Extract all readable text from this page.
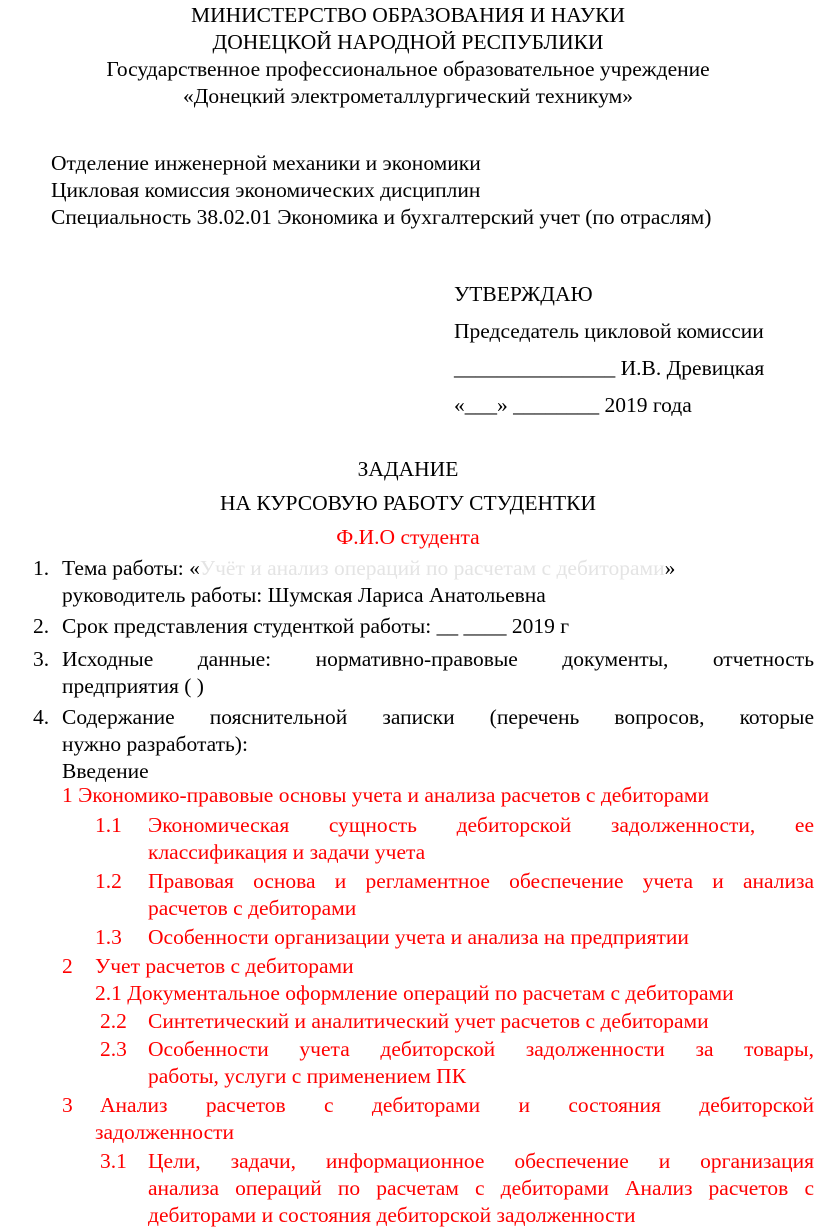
МИНИСТЕРСТВО ОБРАЗОВАНИЯ И НАУКИ
ДОНЕЦКОЙ НАРОДНОЙ РЕСПУБЛИКИ
Государственное профессиональное образовательное учреждение
«Донецкий электрометаллургический техникум»
Отделение инженерной механики и экономики
Цикловая комиссия экономических дисциплин
Специальность 38.02.01 Экономика и бухгалтерский учет (по отраслям)
УТВЕРЖДАЮ
Председатель цикловой комиссии
_______________ И.В. Древицкая
«___» ________ 2019 года
ЗАДАНИЕ
НА КУРСОВУЮ РАБОТУ СТУДЕНТКИ
Ф.И.О студента
1. Тема работы: «Учёт и анализ операций по расчетам с дебиторами»
руководитель работы: Шумская Лариса Анатольевна
2. Срок представления студенткой работы: __ ____ 2019 г
3. Исходные данные: нормативно-правовые документы, отчетность
предприятия ( )
4. Содержание пояснительной записки (перечень вопросов, которые
нужно разработать):
Введение
1 Экономико-правовые основы учета и анализа расчетов с дебиторами
1.1 Экономическая сущность дебиторской задолженности, ее
классификация и задачи учета
1.2 Правовая основа и регламентное обеспечение учета и анализа
расчетов с дебиторами
1.3 Особенности организации учета и анализа на предприятии
2 Учет расчетов с дебиторами
2.1 Документальное оформление операций по расчетам с дебиторами
2.2 Синтетический и аналитический учет расчетов с дебиторами
2.3 Особенности учета дебиторской задолженности за товары,
работы, услуги с применением ПК
3 Анализ расчетов с дебиторами и состояния дебиторской
задолженности
3.1 Цели, задачи, информационное обеспечение и организация
анализа операций по расчетам с дебиторами Анализ расчетов с
дебиторами и состояния дебиторской задолженности
